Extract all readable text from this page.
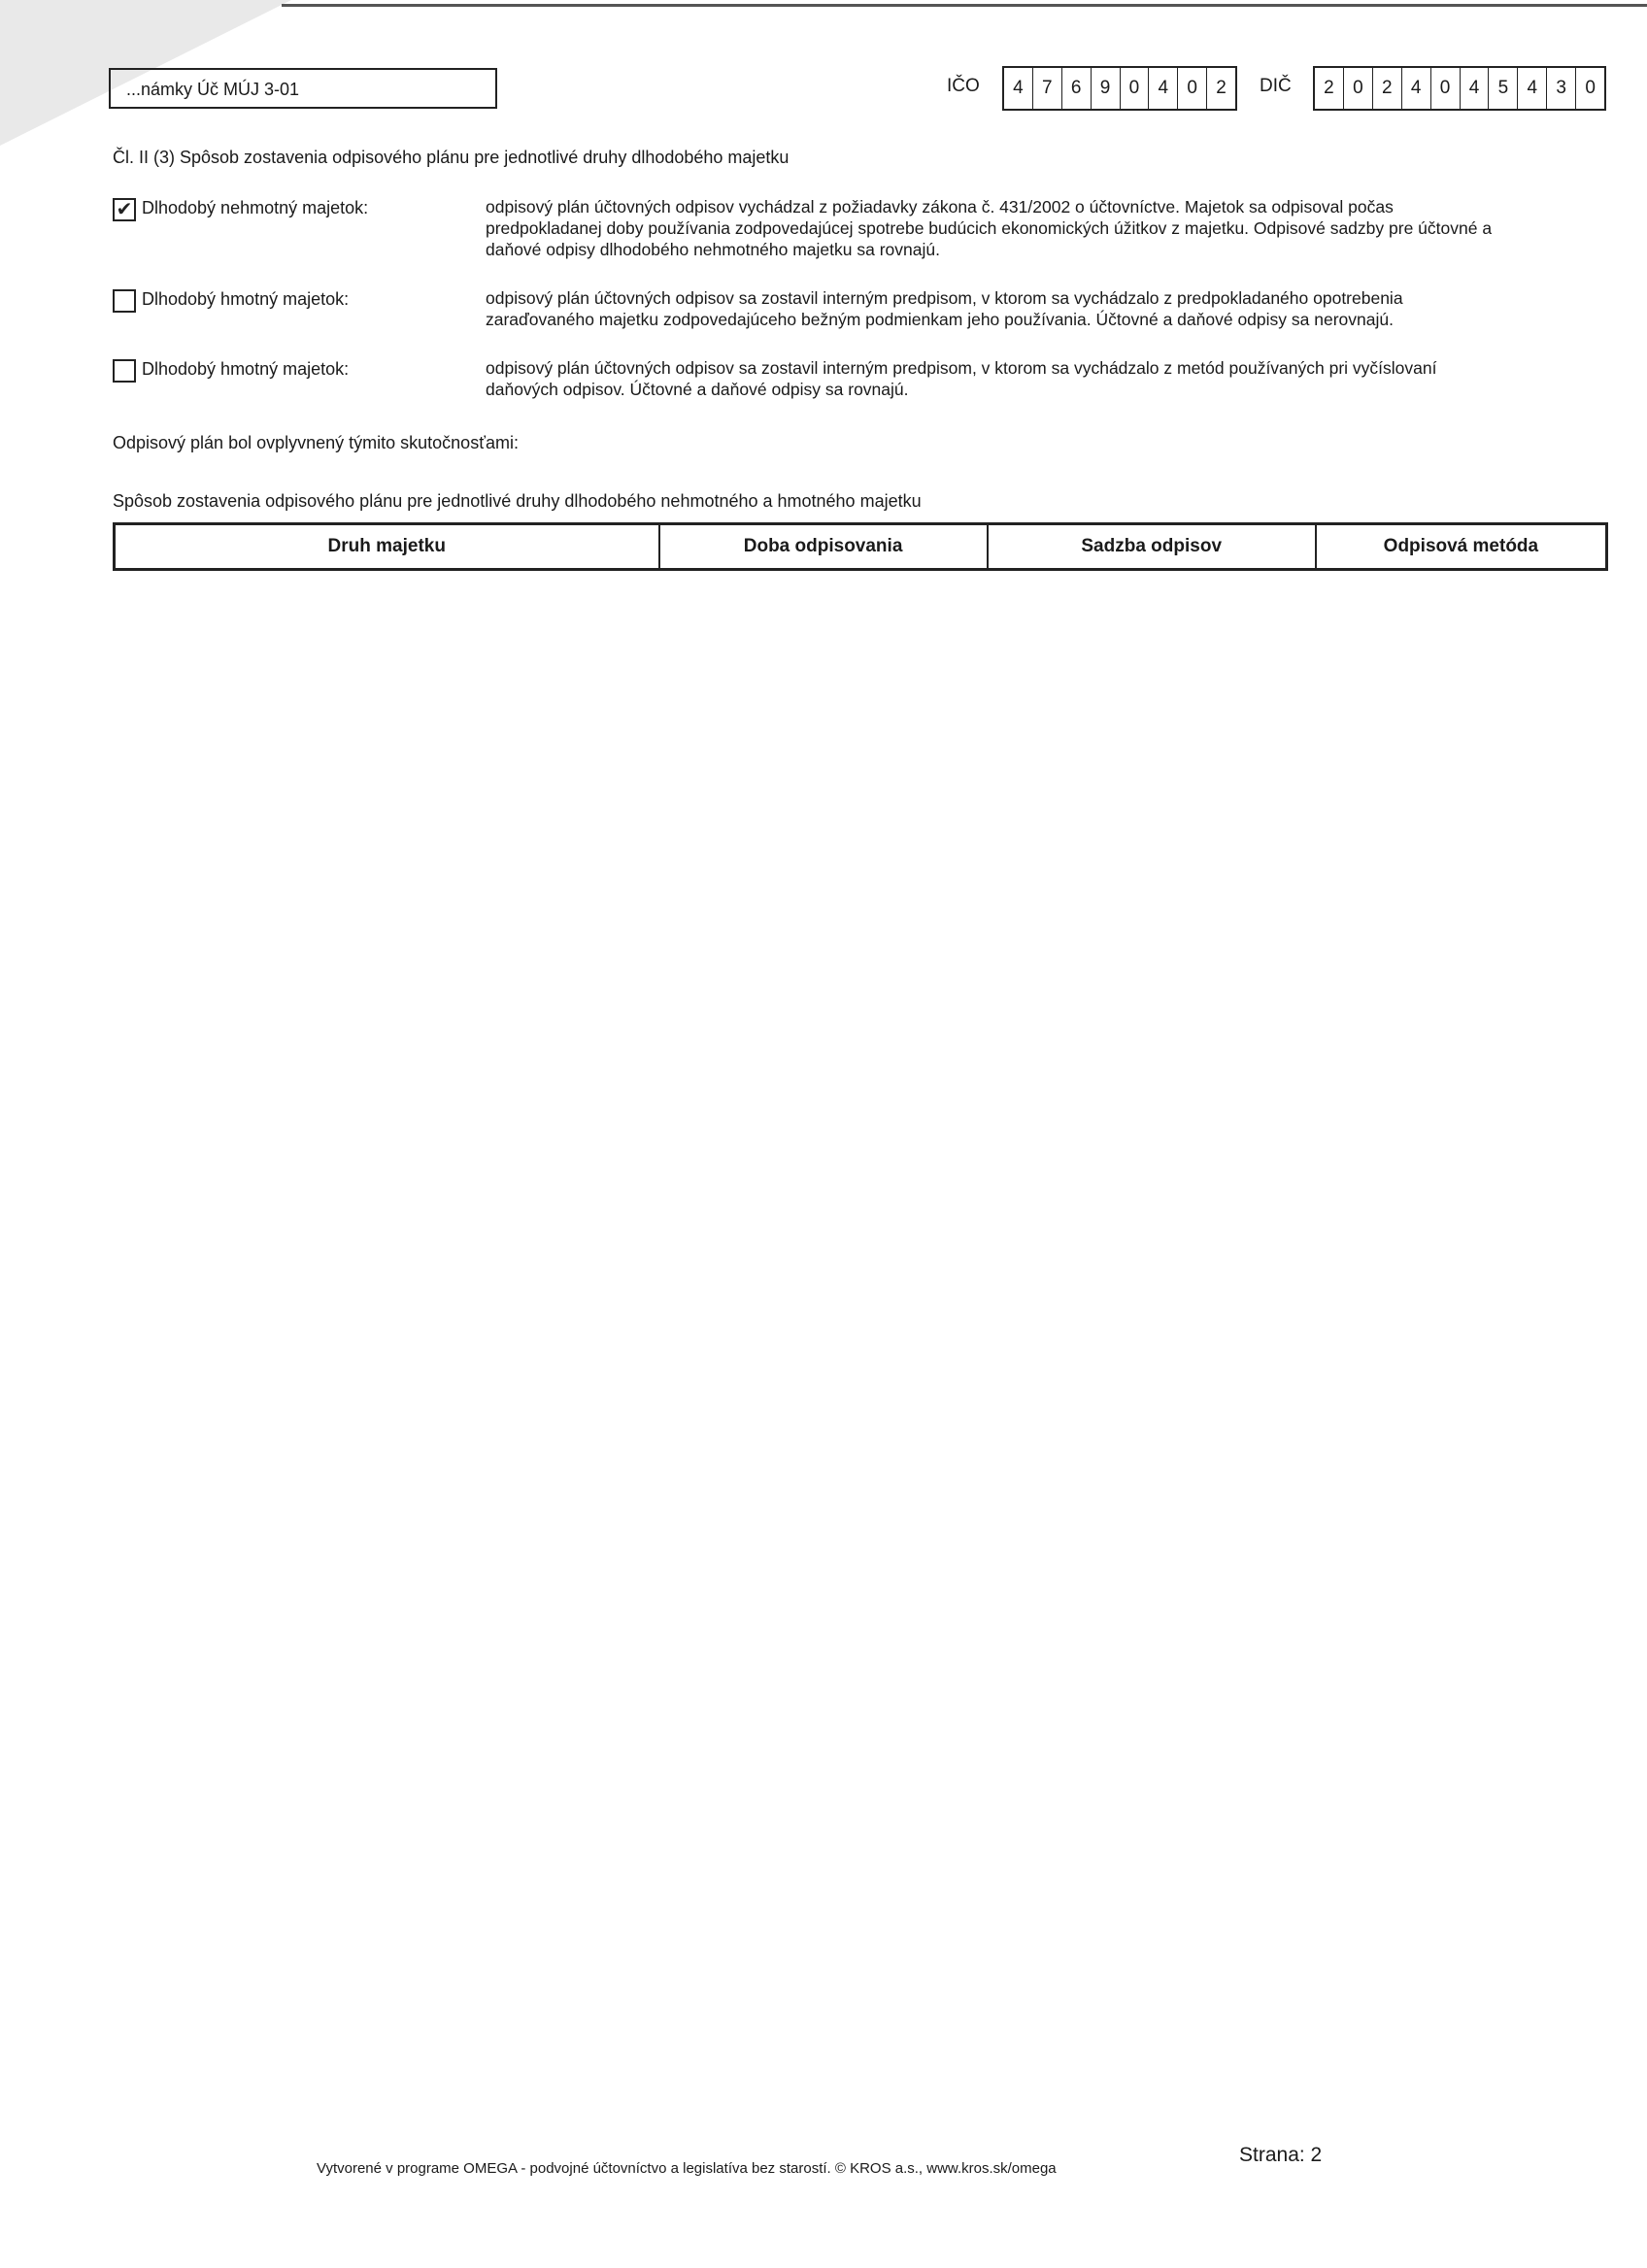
...námky Úč MÚJ 3-01	IČO	4	7	6	9	0	4	0	2	DIČ	2	0	2	4	0	4	5	4	3	0
Čl. II (3) Spôsob zostavenia odpisového plánu pre jednotlivé druhy dlhodobého majetku
✔ Dlhodobý nehmotný majetok:	odpisový plán účtovných odpisov vychádzal z požiadavky zákona č. 431/2002 o účtovníctve. Majetok sa odpisoval počas predpokladanej doby používania zodpovedajúcej spotrebe budúcich ekonomických úžitkov z majetku. Odpisové sadzby pre účtovné a daňové odpisy dlhodobého nehmotného majetku sa rovnajú.
Dlhodobý hmotný majetok:	odpisový plán účtovných odpisov sa zostavil interným predpisom, v ktorom sa vychádzalo z predpokladaného opotrebenia zaraďovaného majetku zodpovedajúceho bežným podmienkam jeho používania. Účtovné a daňové odpisy sa nerovnajú.
Dlhodobý hmotný majetok:	odpisový plán účtovných odpisov sa zostavil interným predpisom, v ktorom sa vychádzalo z metód používaných pri vyčíslovaní daňových odpisov. Účtovné a daňové odpisy sa rovnajú.
Odpisový plán bol ovplyvnený týmito skutočnosťami:
Spôsob zostavenia odpisového plánu pre jednotlivé druhy dlhodobého nehmotného a hmotného majetku
Druh majetku	Doba odpisovania	Sadzba odpisov	Odpisová metóda
Vytvorené v programe OMEGA - podvojné účtovníctvo a legislatíva bez starostí. © KROS a.s., www.kros.sk/omega
Strana: 2
